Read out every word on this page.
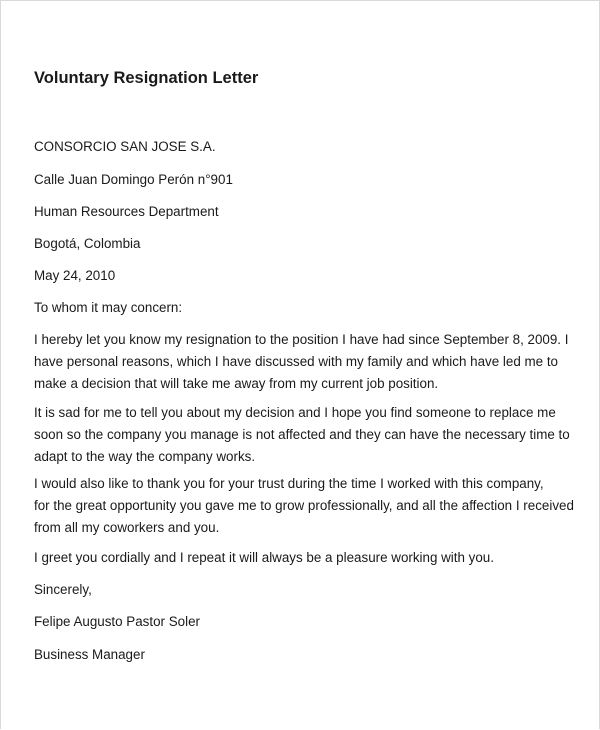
Voluntary Resignation Letter

CONSORCIO SAN JOSE S.A.

Calle Juan Domingo Perón n°901

Human Resources Department

Bogotá, Colombia

May 24, 2010

To whom it may concern:

I hereby let you know my resignation to the position I have had since September 8, 2009. I
have personal reasons, which I have discussed with my family and which have led me to
make a decision that will take me away from my current job position.
It is sad for me to tell you about my decision and I hope you find someone to replace me
soon so the company you manage is not affected and they can have the necessary time to
adapt to the way the company works.
I would also like to thank you for your trust during the time I worked with this company,
for the great opportunity you gave me to grow professionally, and all the affection I received
from all my coworkers and you.
I greet you cordially and I repeat it will always be a pleasure working with you.

Sincerely,

Felipe Augusto Pastor Soler

Business Manager
